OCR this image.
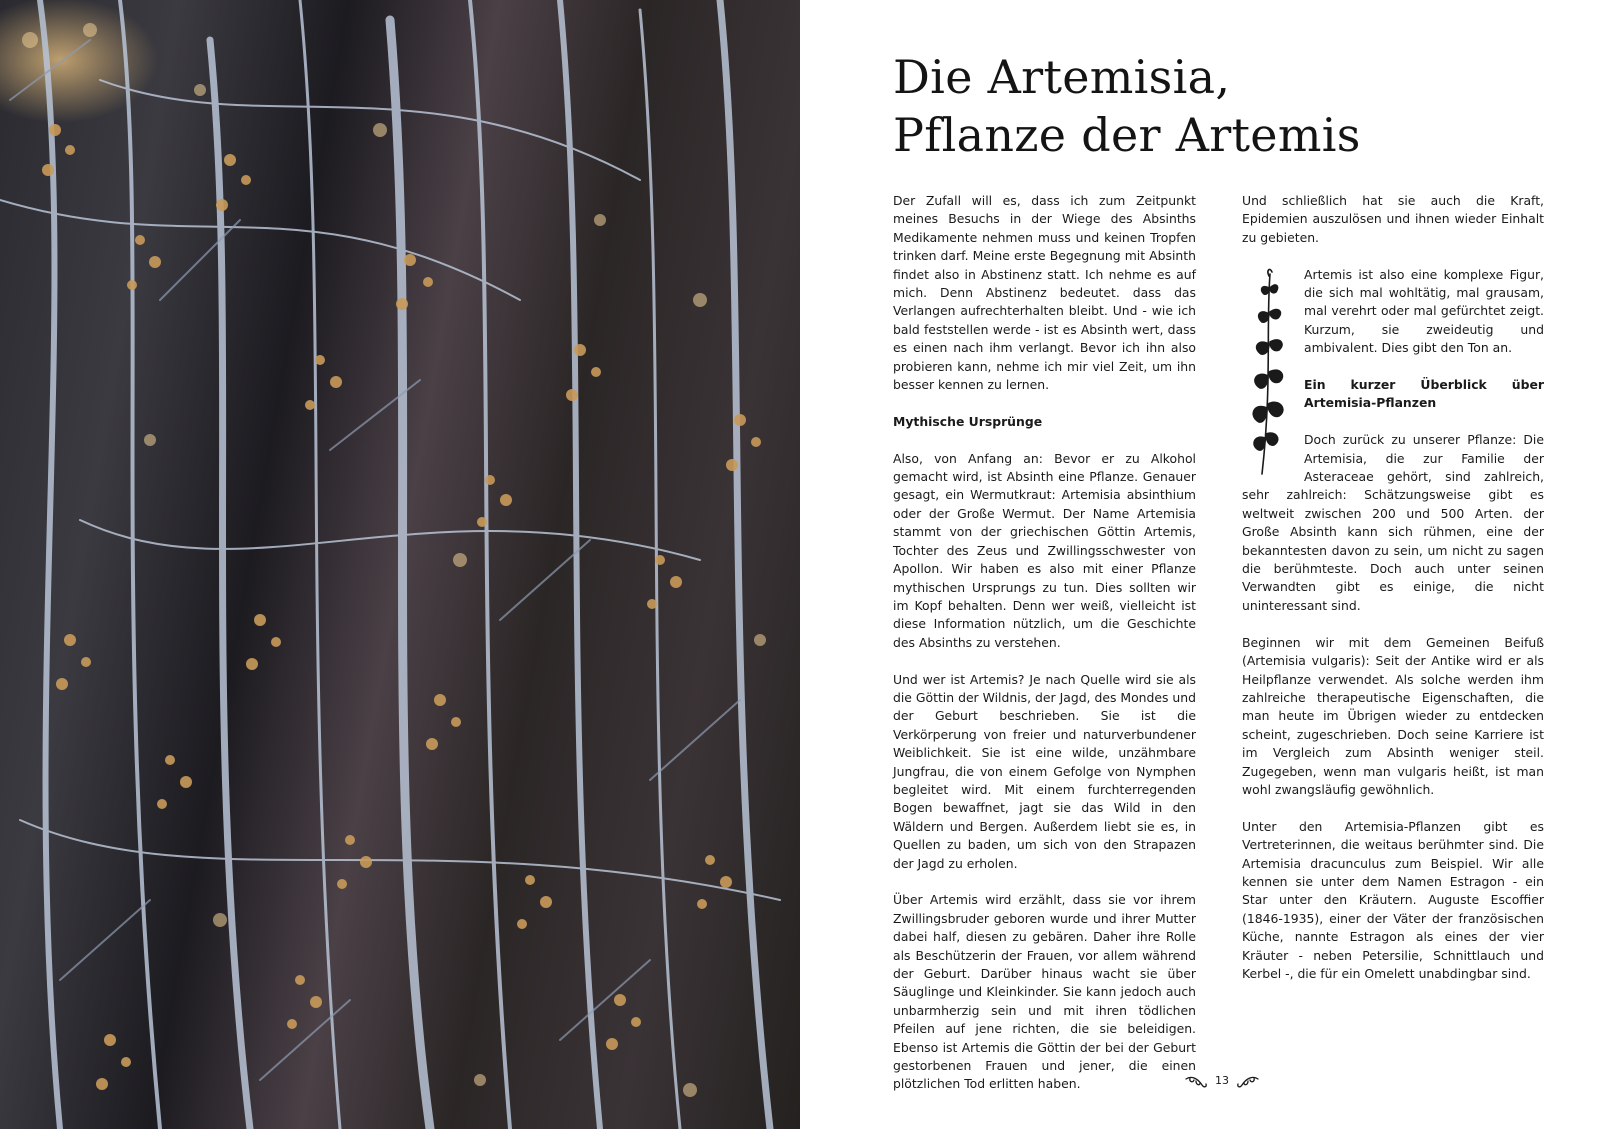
Die Artemisia,
Pflanze der Artemis

Der Zufall will es, dass ich zum Zeitpunkt meines Besuchs in der Wiege des Absinths Medikamente nehmen muss und keinen Tropfen trinken darf. Meine erste Begegnung mit Absinth findet also in Abstinenz statt. Ich nehme es auf mich. Denn Abstinenz bedeutet. dass das Verlangen aufrechterhalten bleibt. Und - wie ich bald feststellen werde - ist es Absinth wert, dass es einen nach ihm verlangt. Bevor ich ihn also probieren kann, nehme ich mir viel Zeit, um ihn besser kennen zu lernen.

Mythische Ursprünge

Also, von Anfang an: Bevor er zu Alkohol gemacht wird, ist Absinth eine Pflanze. Genauer gesagt, ein Wermutkraut: Artemisia absinthium oder der Große Wermut. Der Name Artemisia stammt von der griechischen Göttin Artemis, Tochter des Zeus und Zwillingsschwester von Apollon. Wir haben es also mit einer Pflanze mythischen Ursprungs zu tun. Dies sollten wir im Kopf behalten. Denn wer weiß, vielleicht ist diese Information nützlich, um die Geschichte des Absinths zu verstehen.

Und wer ist Artemis? Je nach Quelle wird sie als die Göttin der Wildnis, der Jagd, des Mondes und der Geburt beschrieben. Sie ist die Verkörperung von freier und naturverbundener Weiblichkeit. Sie ist eine wilde, unzähmbare Jungfrau, die von einem Gefolge von Nymphen begleitet wird. Mit einem furchterregenden Bogen bewaffnet, jagt sie das Wild in den Wäldern und Bergen. Außerdem liebt sie es, in Quellen zu baden, um sich von den Strapazen der Jagd zu erholen.

Über Artemis wird erzählt, dass sie vor ihrem Zwillingsbruder geboren wurde und ihrer Mutter dabei half, diesen zu gebären. Daher ihre Rolle als Beschützerin der Frauen, vor allem während der Geburt. Darüber hinaus wacht sie über Säuglinge und Kleinkinder. Sie kann jedoch auch unbarmherzig sein und mit ihren tödlichen Pfeilen auf jene richten, die sie beleidigen. Ebenso ist Artemis die Göttin der bei der Geburt gestorbenen Frauen und jener, die einen plötzlichen Tod erlitten haben.

Und schließlich hat sie auch die Kraft, Epidemien auszulösen und ihnen wieder Einhalt zu gebieten.

Artemis ist also eine komplexe Figur, die sich mal wohltätig, mal grausam, mal verehrt oder mal gefürchtet zeigt. Kurzum, sie zweideutig und ambivalent. Dies gibt den Ton an.

Ein kurzer Überblick über Artemisia-Pflanzen

Doch zurück zu unserer Pflanze: Die Artemisia, die zur Familie der Asteraceae gehört, sind zahlreich, sehr zahlreich: Schätzungsweise gibt es weltweit zwischen 200 und 500 Arten. der Große Absinth kann sich rühmen, eine der bekanntesten davon zu sein, um nicht zu sagen die berühmteste. Doch auch unter seinen Verwandten gibt es einige, die nicht uninteressant sind.

Beginnen wir mit dem Gemeinen Beifuß (Artemisia vulgaris): Seit der Antike wird er als Heilpflanze verwendet. Als solche werden ihm zahlreiche therapeutische Eigenschaften, die man heute im Übrigen wieder zu entdecken scheint, zugeschrieben. Doch seine Karriere ist im Vergleich zum Absinth weniger steil. Zugegeben, wenn man vulgaris heißt, ist man wohl zwangsläufig gewöhnlich.

Unter den Artemisia-Pflanzen gibt es Vertreterinnen, die weitaus berühmter sind. Die Artemisia dracunculus zum Beispiel. Wir alle kennen sie unter dem Namen Estragon - ein Star unter den Kräutern. Auguste Escoffier (1846-1935), einer der Väter der französischen Küche, nannte Estragon als eines der vier Kräuter - neben Petersilie, Schnittlauch und Kerbel -, die für ein Omelett unabdingbar sind.

13
